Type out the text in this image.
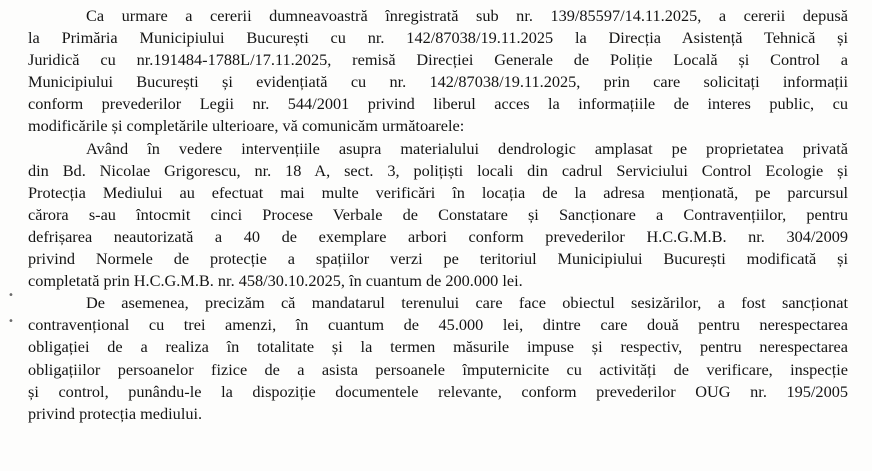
Ca urmare a cererii dumneavoastră înregistrată sub nr. 139/85597/14.11.2025, a cererii depusă
la Primăria Municipiului București cu nr. 142/87038/19.11.2025 la Direcția Asistență Tehnică și
Juridică cu nr.191484-1788L/17.11.2025, remisă Direcției Generale de Poliție Locală și Control a
Municipiului București și evidențiată cu nr. 142/87038/19.11.2025, prin care solicitați informații
conform prevederilor Legii nr. 544/2001 privind liberul acces la informațiile de interes public, cu
modificările și completările ulterioare, vă comunicăm următoarele:

Având în vedere intervențiile asupra materialului dendrologic amplasat pe proprietatea privată
din Bd. Nicolae Grigorescu, nr. 18 A, sect. 3, polițiști locali din cadrul Serviciului Control Ecologie și
Protecția Mediului au efectuat mai multe verificări în locația de la adresa menționată, pe parcursul
cărora s-au întocmit cinci Procese Verbale de Constatare și Sancționare a Contravențiilor, pentru
defrișarea neautorizată a 40 de exemplare arbori conform prevederilor H.C.G.M.B. nr. 304/2009
privind Normele de protecție a spațiilor verzi pe teritoriul Municipiului București modificată și
completată prin H.C.G.M.B. nr. 458/30.10.2025, în cuantum de 200.000 lei.

De asemenea, precizăm că mandatarul terenului care face obiectul sesizărilor, a fost sancționat
contravențional cu trei amenzi, în cuantum de 45.000 lei, dintre care două pentru nerespectarea
obligației de a realiza în totalitate și la termen măsurile impuse și respectiv, pentru nerespectarea
obligațiilor persoanelor fizice de a asista persoanele împuternicite cu activități de verificare, inspecție
și control, punându-le la dispoziție documentele relevante, conform prevederilor OUG nr. 195/2005
privind protecția mediului.

•
•
